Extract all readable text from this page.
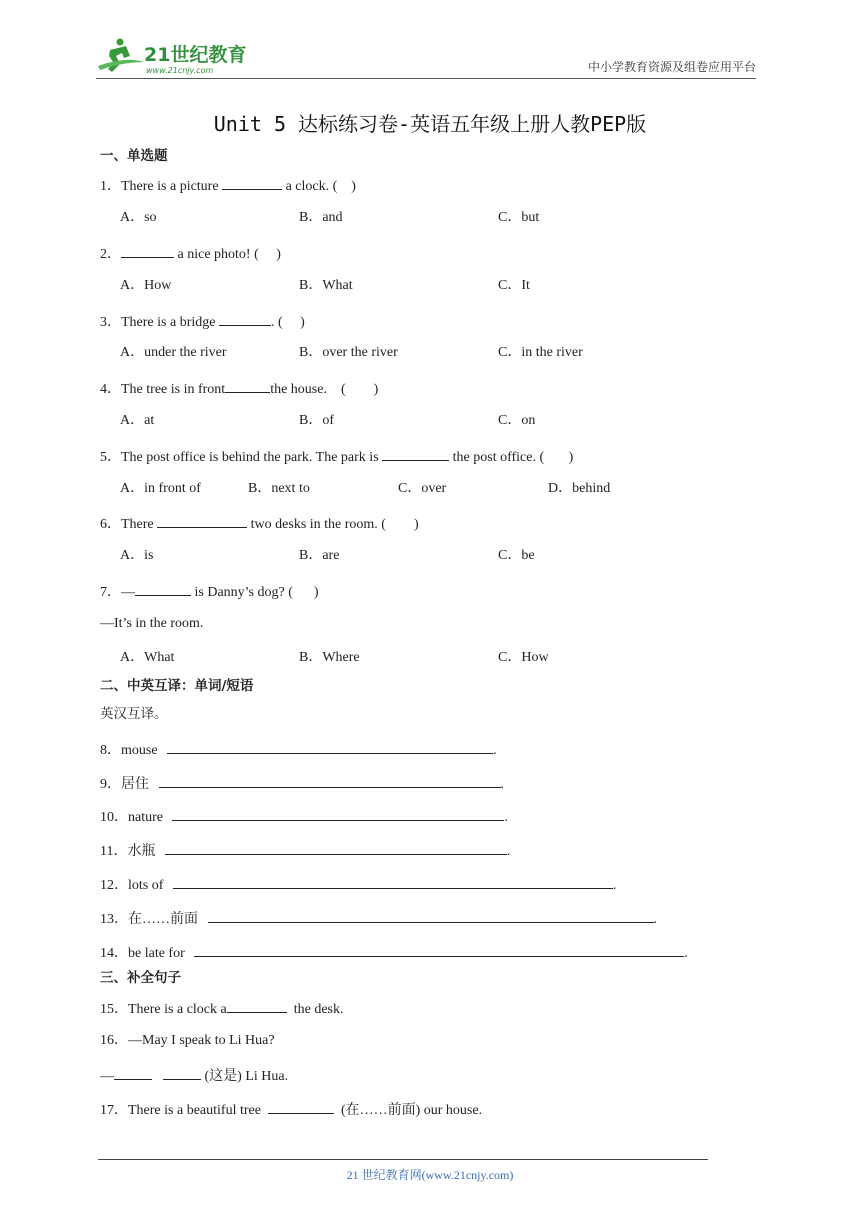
21世纪教育
www.21cnjy.com	中小学教育资源及组卷应用平台
Unit 5 达标练习卷-英语五年级上册人教PEP版
一、单选题
1．There is a picture	a clock. (    )
A．so	B．and	C．but
2．	a nice photo! (     )
A．How	B．What	C．It
3．There is a bridge	. (     )
A．under the river	B．over the river	C．in the river
4．The tree is in front	the house.    (        )
A．at	B．of	C．on
5．The post office is behind the park. The park is	the post office. (       )
A．in front of	B．next to	C．over	D．behind
6．There	two desks in the room. (        )
A．is	B．are	C．be
7．—	is Danny’s dog? (      )
—It’s in the room.
A．What	B．Where	C．How
二、中英互译：单词/短语
英汉互译。
8．mouse	.
9．居住	.
10．nature	.
11．水瓶	.
12．lots of	.
13．在……前面	.
14．be late for	.
三、补全句子
15．There is a clock a	the desk.
16．—May I speak to Li Hua?
—	(这是) Li Hua.
17．There is a beautiful tree	(在……前面) our house.
21 世纪教育网(www.21cnjy.com)
